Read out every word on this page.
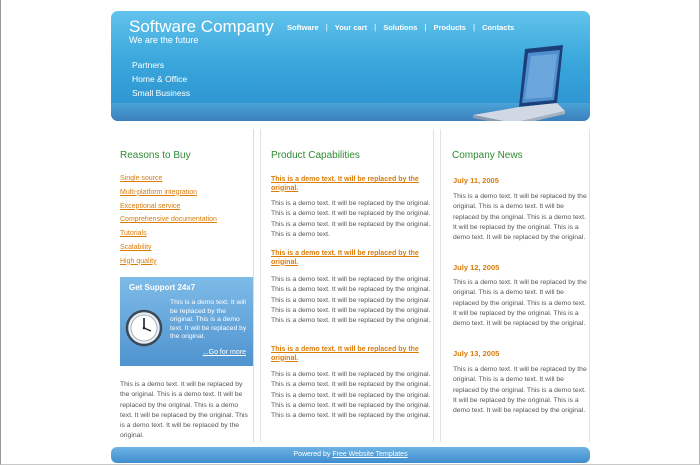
Software Company
We are the future
Software | Your cart | Solutions | Products | Contacts
Partners
Home & Office
Small Business
Reasons to Buy
Single source
Multi-platform integration
Exceptional service
Comprehensive documentation
Tutorials
Scalability
High quality
Get Support 24x7
This is a demo text. It will be replaced by the original. This is a demo text. It will be replaced by the original.
...Go for more
This is a demo text. It will be replaced by the original. This is a demo text. It will be replaced by the original. This is a demo text. It will be replaced by the original. This is a demo text. It will be replaced by the original.
Product Capabilities
This is a demo text. It will be replaced by the original.
This is a demo text. It will be replaced by the original. This is a demo text. It will be replaced by the original. This is a demo text. It will be replaced by the original. This is a demo text.
This is a demo text. It will be replaced by the original.
This is a demo text. It will be replaced by the original. This is a demo text. It will be replaced by the original. This is a demo text. It will be replaced by the original. This is a demo text. It will be replaced by the original. This is a demo text. It will be replaced by the original.
This is a demo text. It will be replaced by the original.
This is a demo text. It will be replaced by the original. This is a demo text. It will be replaced by the original. This is a demo text. It will be replaced by the original. This is a demo text. It will be replaced by the original. This is a demo text. It will be replaced by the original.
Company News
July 11, 2005
This is a demo text. It will be replaced by the original. This is a demo text. It will be replaced by the original. This is a demo text. It will be replaced by the original. This is a demo text. It will be replaced by the original.
July 12, 2005
This is a demo text. It will be replaced by the original. This is a demo text. It will be replaced by the original. This is a demo text. It will be replaced by the original. This is a demo text. It will be replaced by the original.
July 13, 2005
This is a demo text. It will be replaced by the original. This is a demo text. It will be replaced by the original. This is a demo text. It will be replaced by the original. This is a demo text. It will be replaced by the original.
Powered by Free Website Templates
